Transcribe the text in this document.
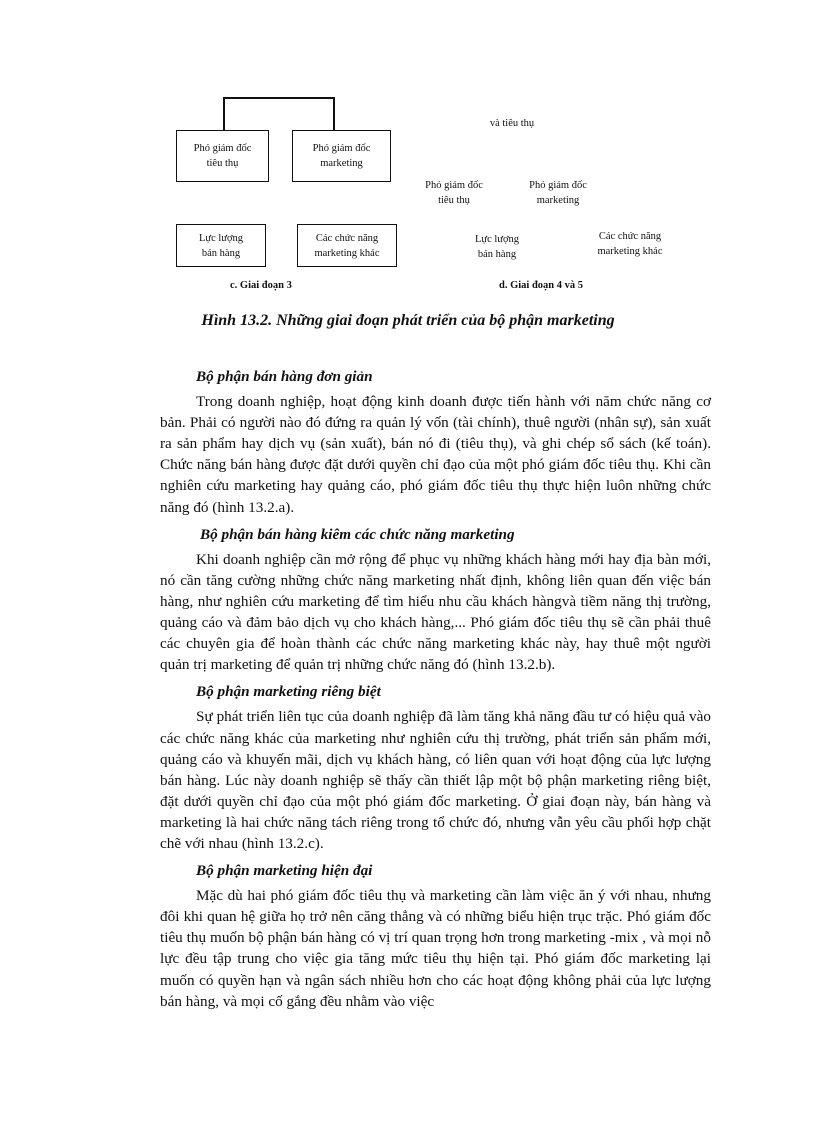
Phó giám đốc
tiêu thụ
Phó giám đốc
marketing
Lực lượng
bán hàng
Các chức năng
marketing khác
c. Giai đoạn 3
và tiêu thụ
Phó giám đốc
tiêu thụ
Phó giám đốc
marketing
Lực lượng
bán hàng
Các chức năng
marketing khác
d. Giai đoạn 4 và 5
Hình 13.2. Những giai đoạn phát triển của bộ phận marketing
Bộ phận bán hàng đơn giản
Trong doanh nghiệp, hoạt động kinh doanh được tiến hành với năm chức năng cơ bản. Phải có người nào đó đứng ra quản lý vốn (tài chính), thuê người (nhân sự), sản xuất ra sản phẩm hay dịch vụ (sản xuất), bán nó đi (tiêu thụ), và ghi chép sổ sách (kế toán). Chức năng bán hàng được đặt dưới quyền chỉ đạo của một phó giám đốc tiêu thụ. Khi cần nghiên cứu marketing hay quảng cáo, phó giám đốc tiêu thụ thực hiện luôn những chức năng đó (hình 13.2.a).
Bộ phận bán hàng kiêm các chức năng marketing
Khi doanh nghiệp cần mở rộng để phục vụ những khách hàng mới hay địa bàn mới, nó cần tăng cường những chức năng marketing nhất định, không liên quan đến việc bán hàng, như nghiên cứu marketing để tìm hiểu nhu cầu khách hàngvà tiềm năng thị trường, quảng cáo và đảm bảo dịch vụ cho khách hàng,... Phó giám đốc tiêu thụ sẽ cần phải thuê các chuyên gia để hoàn thành các chức năng marketing khác này, hay thuê một người quản trị marketing để quản trị những chức năng đó (hình 13.2.b).
Bộ phận marketing riêng biệt
Sự phát triển liên tục của doanh nghiệp đã làm tăng khả năng đầu tư có hiệu quả vào các chức năng khác của marketing như nghiên cứu thị trường, phát triển sản phẩm mới, quảng cáo và khuyến mãi, dịch vụ khách hàng, có liên quan với hoạt động của lực lượng bán hàng. Lúc này doanh nghiệp sẽ thấy cần thiết lập một bộ phận marketing riêng biệt, đặt dưới quyền chỉ đạo của một phó giám đốc marketing. Ở giai đoạn này, bán hàng và marketing là hai chức năng tách riêng trong tổ chức đó, nhưng vẫn yêu cầu phối hợp chặt chẽ với nhau (hình 13.2.c).
Bộ phận marketing hiện đại
Mặc dù hai phó giám đốc tiêu thụ và marketing cần làm việc ăn ý với nhau, nhưng đôi khi quan hệ giữa họ trở nên căng thẳng và có những biểu hiện trục trặc. Phó giám đốc tiêu thụ muốn bộ phận bán hàng có vị trí quan trọng hơn trong marketing -mix , và mọi nỗ lực đều tập trung cho việc gia tăng mức tiêu thụ hiện tại. Phó giám đốc marketing lại muốn có quyền hạn và ngân sách nhiều hơn cho các hoạt động không phải của lực lượng bán hàng, và mọi cố gắng đều nhằm vào việc
